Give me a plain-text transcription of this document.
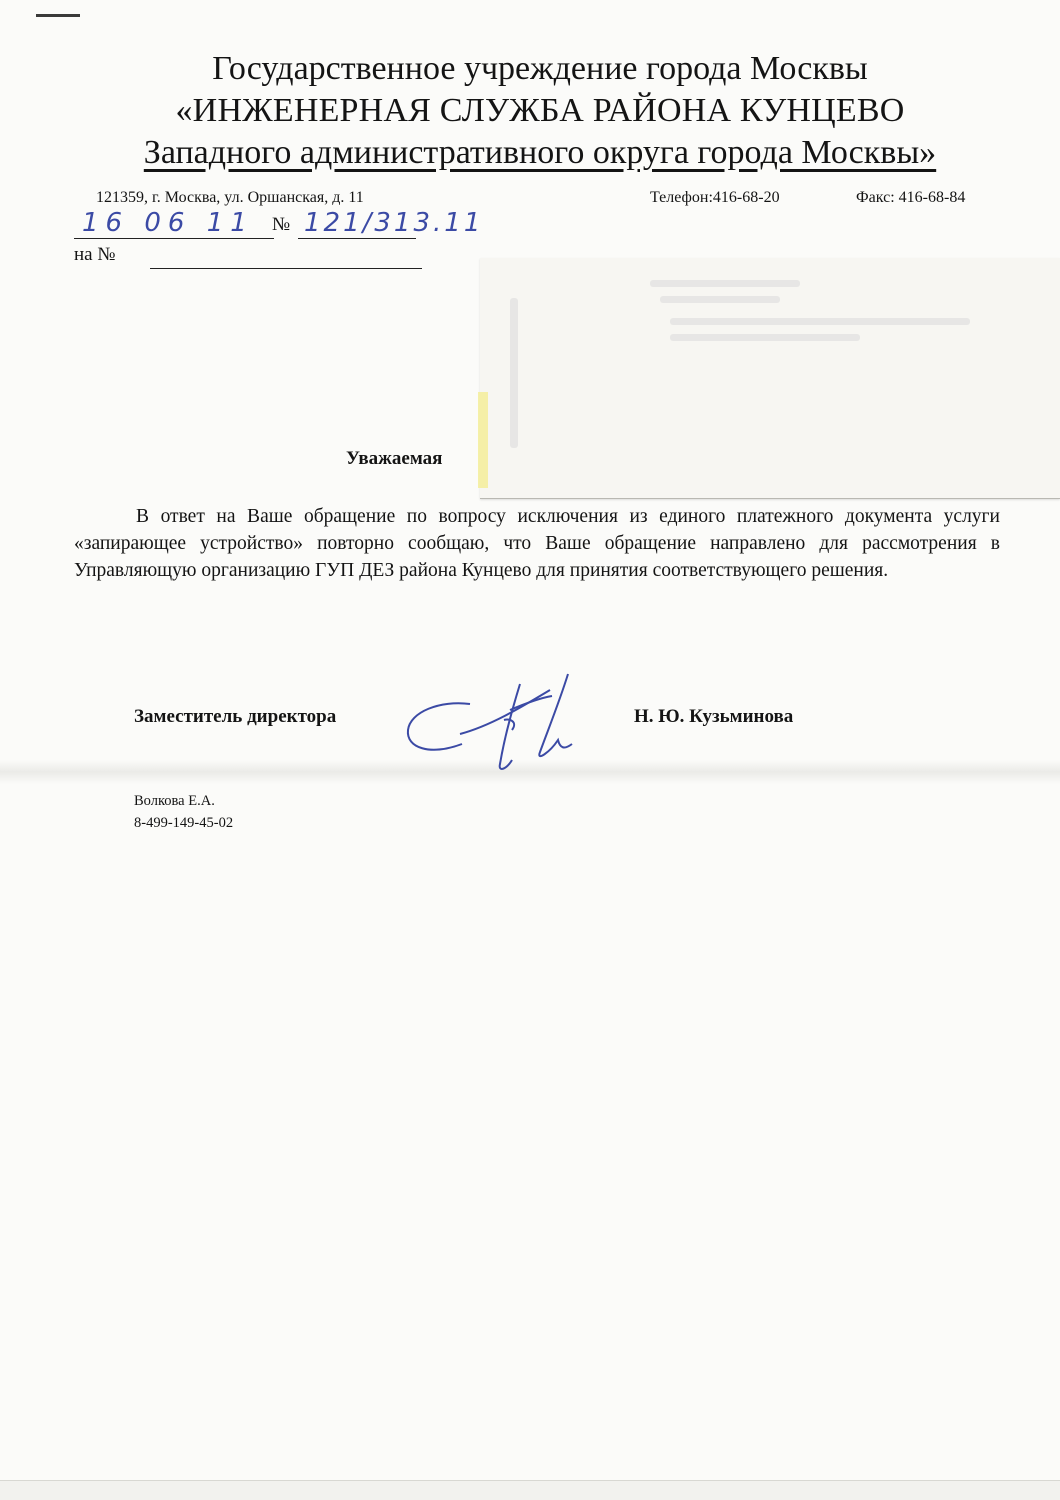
Государственное учреждение города Москвы
«ИНЖЕНЕРНАЯ СЛУЖБА РАЙОНА КУНЦЕВО
Западного административного округа города Москвы»
121359, г. Москва, ул. Оршанская, д. 11	Телефон:416-68-20	Факс: 416-68-84
16 06 11 № 121/313.11
на №
Уважаемая

В ответ на Ваше обращение по вопросу исключения из единого платежного документа услуги «запирающее устройство» повторно сообщаю, что Ваше обращение направлено для рассмотрения в Управляющую организацию ГУП ДЕЗ района Кунцево для принятия соответствующего решения.

Заместитель директора	Н. Ю. Кузьминова
Волкова Е.А.
8-499-149-45-02
